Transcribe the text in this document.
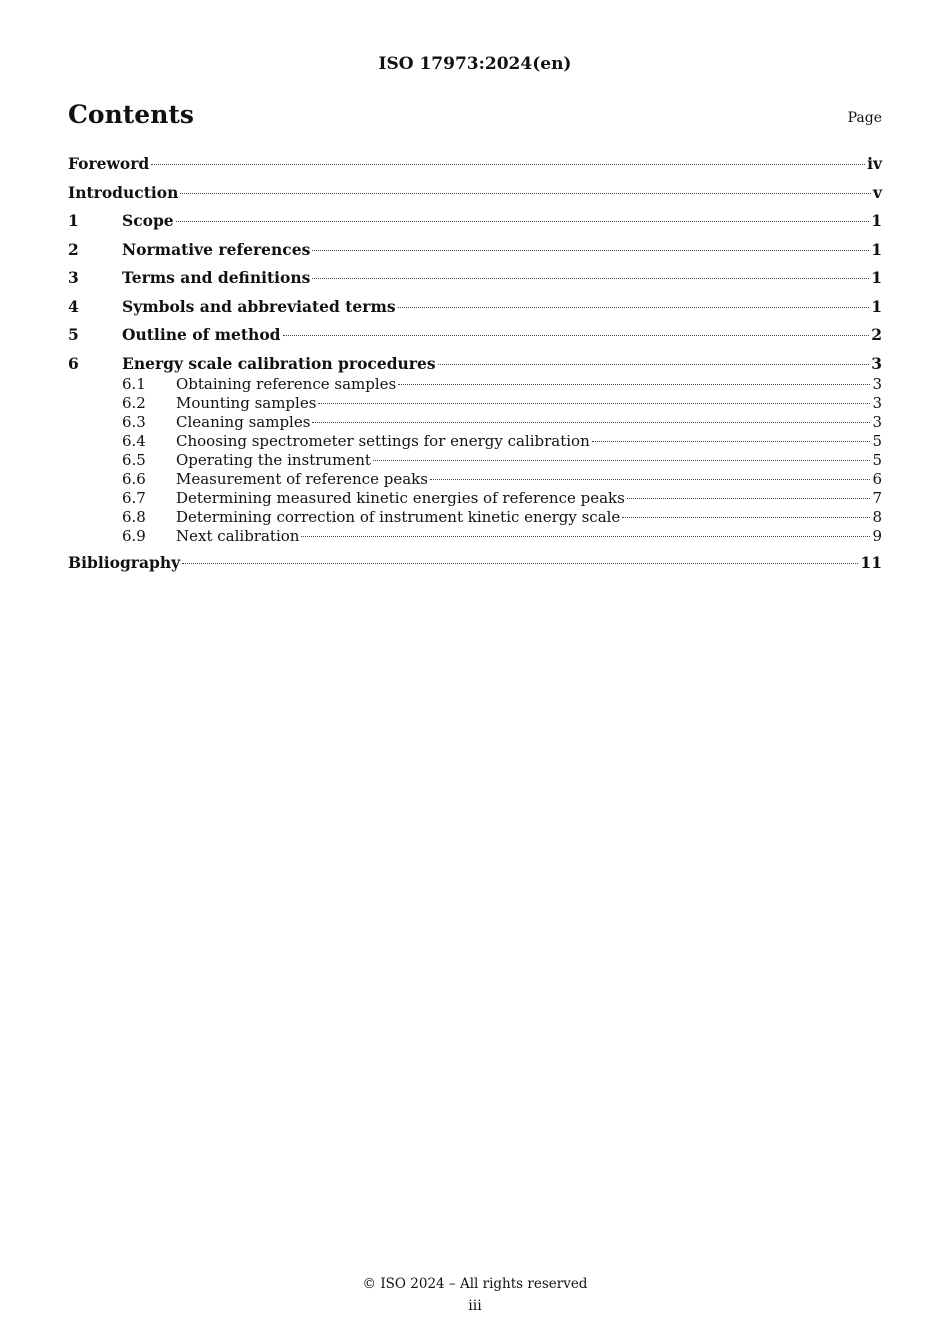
ISO 17973:2024(en)
Contents	Page
Foreword	iv
Introduction	v
1	Scope	1
2	Normative references	1
3	Terms and definitions	1
4	Symbols and abbreviated terms	1
5	Outline of method	2
6	Energy scale calibration procedures	3
6.1	Obtaining reference samples	3
6.2	Mounting samples	3
6.3	Cleaning samples	3
6.4	Choosing spectrometer settings for energy calibration	5
6.5	Operating the instrument	5
6.6	Measurement of reference peaks	6
6.7	Determining measured kinetic energies of reference peaks	7
6.8	Determining correction of instrument kinetic energy scale	8
6.9	Next calibration	9
Bibliography	11
© ISO 2024 – All rights reserved
iii
